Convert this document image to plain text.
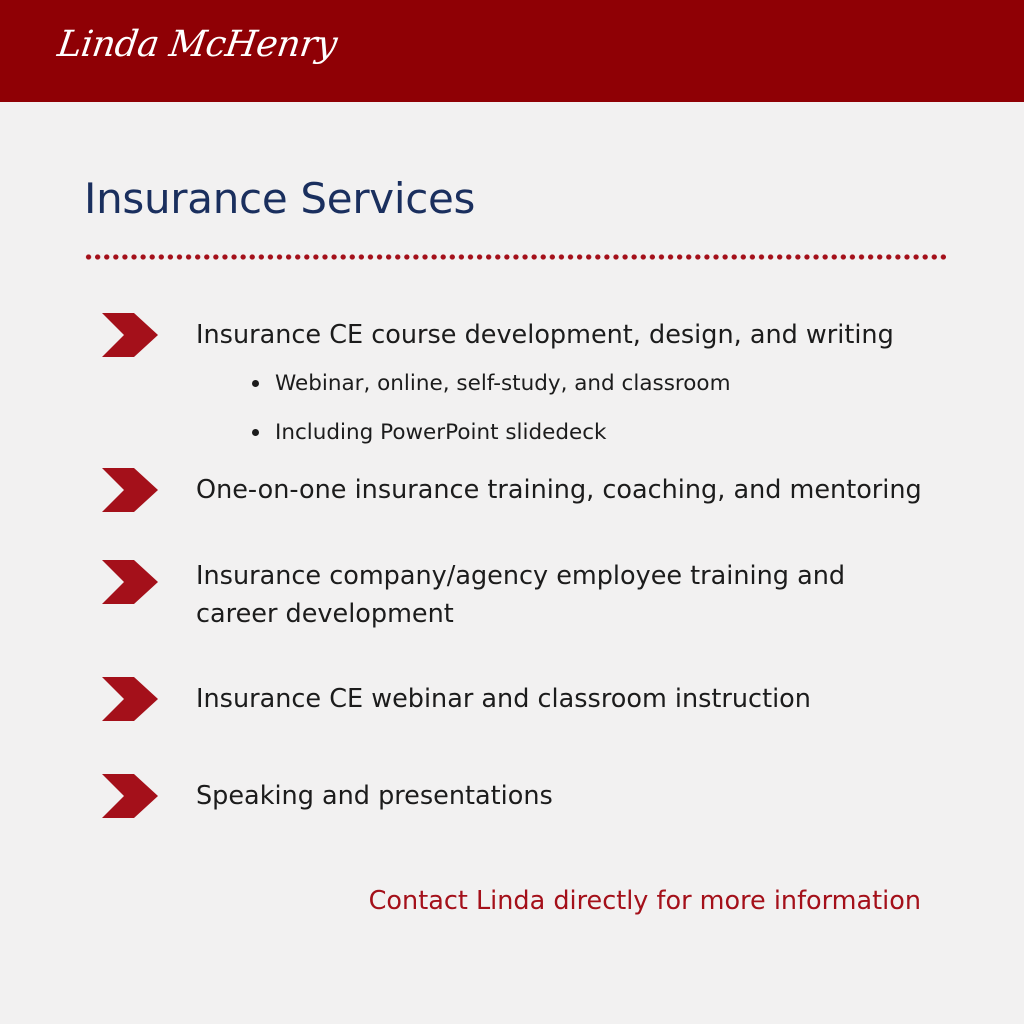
Linda McHenry
Insurance Services
Insurance CE course development, design, and writing
Webinar, online, self-study, and classroom
Including PowerPoint slidedeck
One-on-one insurance training, coaching, and mentoring
Insurance company/agency employee training and career development
Insurance CE webinar and classroom instruction
Speaking and presentations
Contact Linda directly for more information
